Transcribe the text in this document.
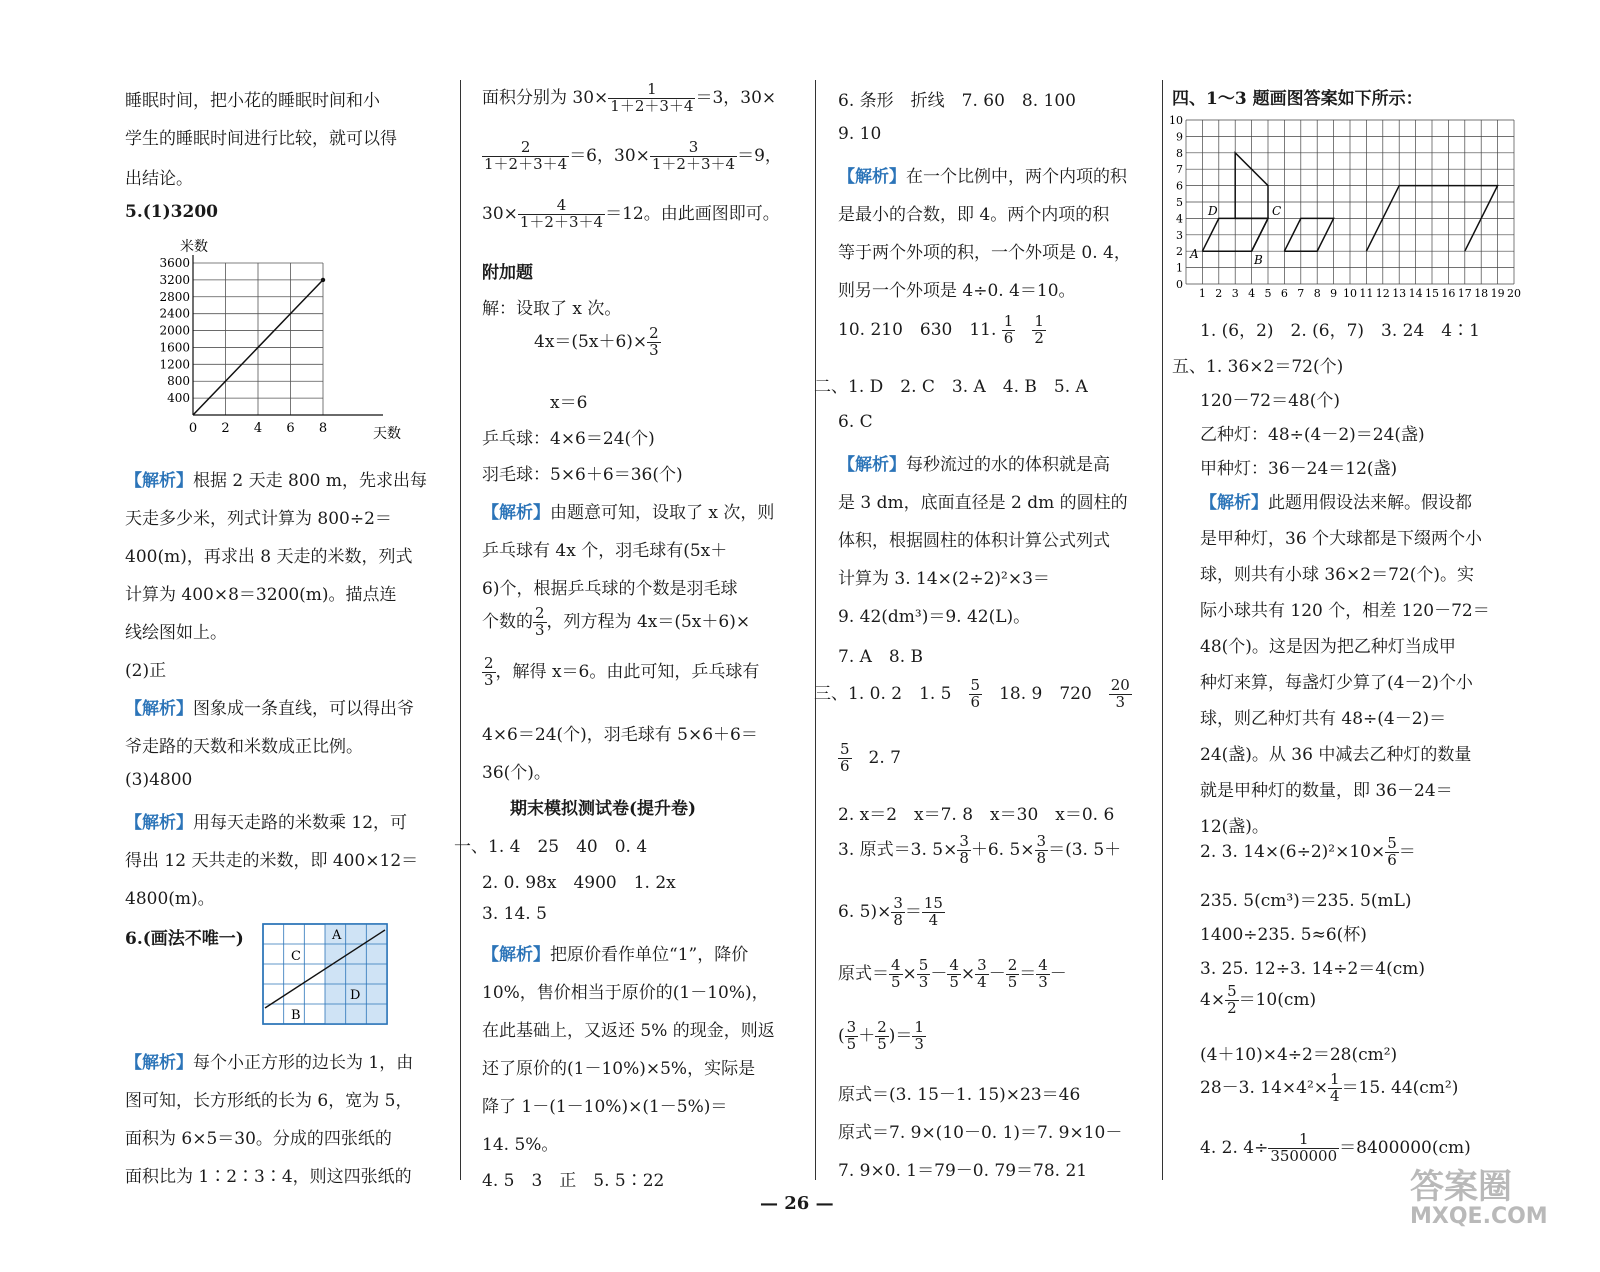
睡眠时间，把小花的睡眠时间和小
学生的睡眠时间进行比较，就可以得
出结论。
5.(1)3200
米数
400
800
1200
1600
2000
2400
2800
3200
3600
0 2 4 6 8	天数
【解析】根据 2 天走 800 m，先求出每
天走多少米，列式计算为 800÷2＝
400(m)，再求出 8 天走的米数，列式
计算为 400×8＝3200(m)。描点连
线绘图如上。
(2)正
【解析】图象成一条直线，可以得出爷
爷走路的天数和米数成正比例。
(3)4800
【解析】用每天走路的米数乘 12，可
得出 12 天共走的米数，即 400×12＝
4800(m)。
6.(画法不唯一)
C
A
D
B
【解析】每个小正方形的边长为 1，由
图可知，长方形纸的长为 6，宽为 5，
面积为 6×5＝30。分成的四张纸的
面积比为 1∶2∶3∶4，则这四张纸的
面积分别为 $30\times \frac{1}{1+2+3+4} =3$，30×
$\frac{2}{1+2+3+4} =6$，$30\times \frac{3}{1+2+3+4} =9$，
$30\times \frac{4}{1+2+3+4} =12$。由此画图即可。
附加题
解：设取了 x 次。
$4x=(5x+6)\times \frac{2}{3}$
x＝6
乒乓球：4×6＝24(个)
羽毛球：5×6＋6＝36(个)
【解析】由题意可知，设取了 x 次，则
乒乓球有 4x 个，羽毛球有(5x＋
6)个，根据乒乓球的个数是羽毛球
个数的 $\frac{2}{3}$ ，列方程为 4x＝(5x＋6)×
$\frac{2}{3}$ ，解得 x＝6。由此可知，乒乓球有
4×6＝24(个)，羽毛球有 5×6＋6＝
36(个)。
期末模拟测试卷(提升卷)
一、1. 4　25　40　0. 4
2. 0. 98x　4900　1. 2x
3. 14. 5
【解析】把原价看作单位“1”，降价
10%，售价相当于原价的(1－10%)，
在此基础上，又返还 5% 的现金，则返
还了原价的(1－10%)×5%，实际是
降了 1－(1－10%)×(1－5%)＝
14. 5%。
4. 5　3　正　5. 5∶22
6. 条形　折线　7. 60　8. 100
9. 10
【解析】在一个比例中，两个内项的积
是最小的合数，即 4。两个内项的积
等于两个外项的积，一个外项是 0. 4，
则另一个外项是 4÷0. 4＝10。
10. 210　630　11. $\frac{1}{6}$
　 $\frac{1}{2}$
二、1. D　2. C　3. A　4. B　5. A
6. C
【解析】每秒流过的水的体积就是高
是 3 dm，底面直径是 2 dm 的圆柱的
体积，根据圆柱的体积计算公式列式
计算为 3. 14×(2÷2)²×3＝
9. 42(dm³)＝9. 42(L)。
7. A　8. B
三、1. 0. 2　1. 5　 $\frac{5}{6}$
　 18. 9　720　 $\frac{20}{3}$
$\frac{5}{6}$
　 2. 7
2. x＝2　x＝7. 8　x＝30　x＝0. 6
3. 原式＝3. $5\times \frac{3}{8} +6$. $5\times \frac{3}{8} =(3$. 5＋
6. $5)\times \frac{3}{8} = \frac{15}{4}$
原式＝ $\frac{4}{5} \times \frac{5}{3} - \frac{4}{5} \times \frac{3}{4} - \frac{2}{5} = \frac{4}{3}$ －
( $\frac{3}{5} + \frac{2}{5}$ )＝ $\frac{1}{3}$
原式＝(3. 15－1. 15)×23＝46
原式＝7. 9×(10－0. 1)＝7. 9×10－
7. 9×0. 1＝79－0. 79＝78. 21
四、1～3 题画图答案如下所示：
0
1
2
3
4
5
6
7
8
9
10
1 2 3 4 5 6 7 8 9 10 11 12 13 14 15 16 17 18 19 20
A	B
C
D
1. (6，2)　2. (6，7)　3. 24　4∶1
五、1. 36×2＝72(个)
120－72＝48(个)
乙种灯：48÷(4－2)＝24(盏)
甲种灯：36－24＝12(盏)
【解析】此题用假设法来解。假设都
是甲种灯，36 个大球都是下缀两个小
球，则共有小球 36×2＝72(个)。实
际小球共有 120 个，相差 120－72＝
48(个)。这是因为把乙种灯当成甲
种灯来算，每盏灯少算了(4－2)个小
球，则乙种灯共有 48÷(4－2)＝
24(盏)。从 36 中减去乙种灯的数量
就是甲种灯的数量，即 36－24＝
12(盏)。
2. 3. $14\times(6\div 2)^2\times 10\times \frac{5}{6}$ ＝
235. 5(cm³)＝235. 5(mL)
1400÷235. 5≈6(杯)
3. 25. 12÷3. 14÷2＝4(cm)
$4\times \frac{5}{2} =10(cm)$
(4＋10)×4÷2＝28(cm²)
28－3. $14\times 4^2\times \frac{1}{4} =15$. 44(cm²)
4. 2. $4\div \frac{1}{3500000} =8400000(cm)$
— 26 —	答案圈
MXQE.COM
